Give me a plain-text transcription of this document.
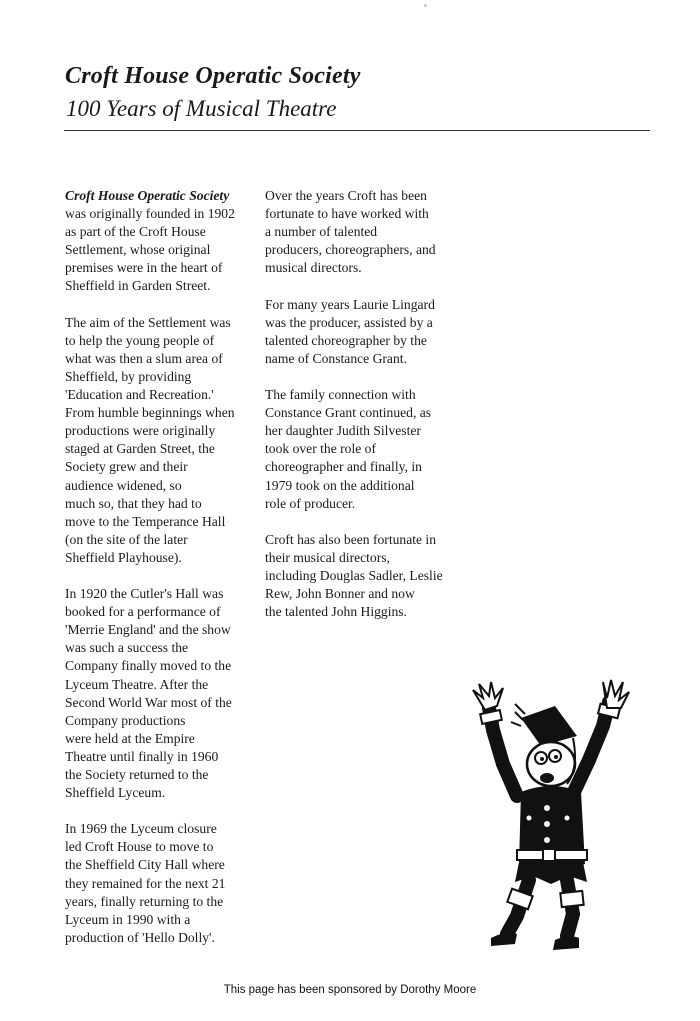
Croft House Operatic Society
100 Years of Musical Theatre

Croft House Operatic Society
was originally founded in 1902
as part of the Croft House
Settlement, whose original
premises were in the heart of
Sheffield in Garden Street.

The aim of the Settlement was
to help the young people of
what was then a slum area of
Sheffield, by providing
'Education and Recreation.'
From humble beginnings when
productions were originally
staged at Garden Street, the
Society grew and their
audience widened, so
much so, that they had to
move to the Temperance Hall
(on the site of the later
Sheffield Playhouse).

In 1920 the Cutler's Hall was
booked for a performance of
'Merrie England' and the show
was such a success the
Company finally moved to the
Lyceum Theatre. After the
Second World War most of the
Company productions
were held at the Empire
Theatre until finally in 1960
the Society returned to the
Sheffield Lyceum.

In 1969 the Lyceum closure
led Croft House to move to
the Sheffield City Hall where
they remained for the next 21
years, finally returning to the
Lyceum in 1990 with a
production of 'Hello Dolly'.

Over the years Croft has been
fortunate to have worked with
a number of talented
producers, choreographers, and
musical directors.

For many years Laurie Lingard
was the producer, assisted by a
talented choreographer by the
name of Constance Grant.

The family connection with
Constance Grant continued, as
her daughter Judith Silvester
took over the role of
choreographer and finally, in
1979 took on the additional
role of producer.

Croft has also been fortunate in
their musical directors,
including Douglas Sadler, Leslie
Rew, John Bonner and now
the talented John Higgins.

This page has been sponsored by Dorothy Moore
